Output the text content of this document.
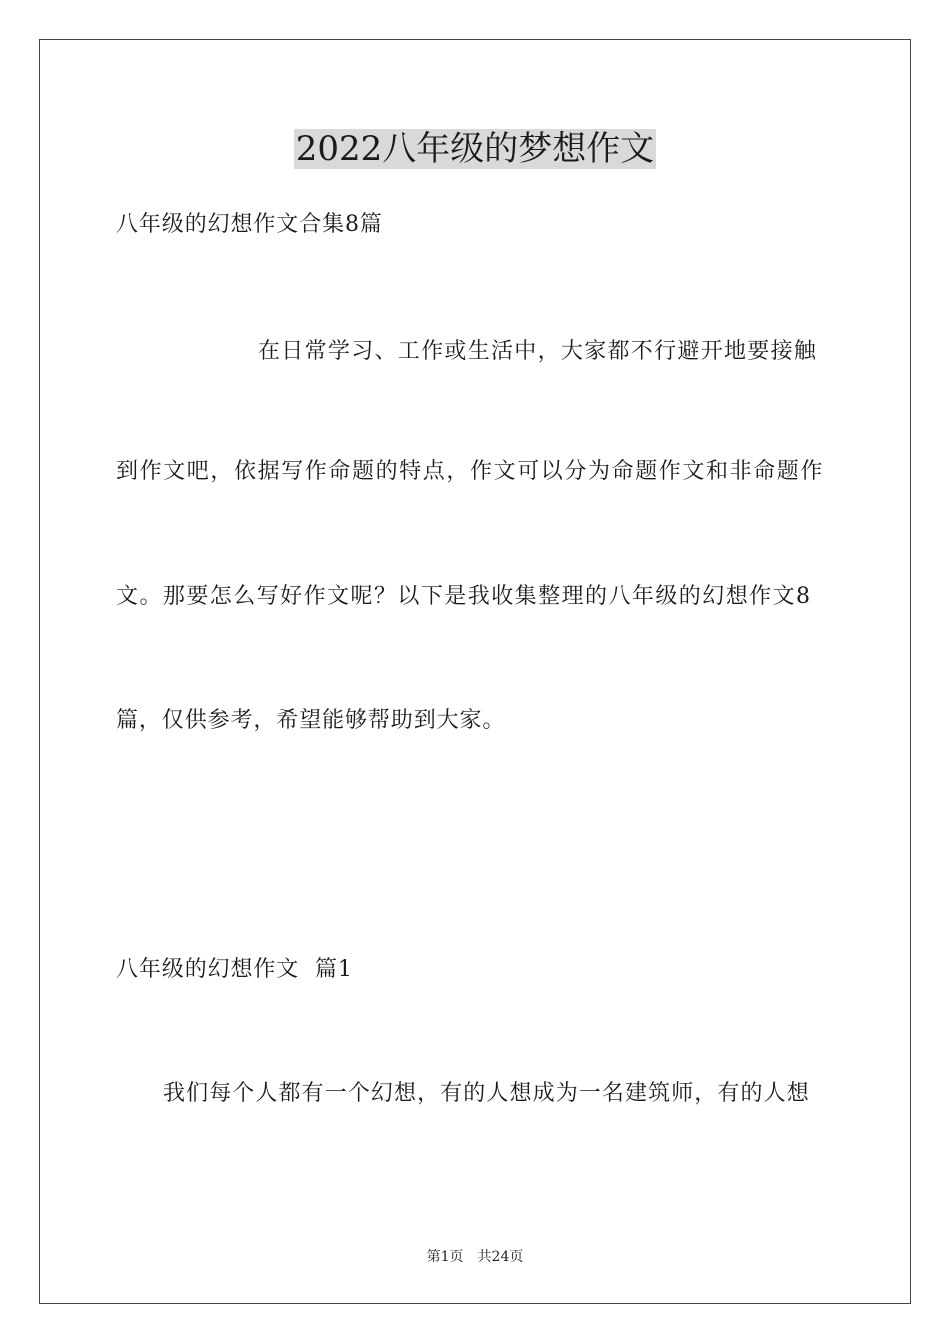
2022八年级的梦想作文
八年级的幻想作文合集8篇
在日常学习、工作或生活中，大家都不行避开地要接触
到作文吧，依据写作命题的特点，作文可以分为命题作文和非命题作
文。那要怎么写好作文呢？以下是我收集整理的八年级的幻想作文8
篇，仅供参考，希望能够帮助到大家。
八年级的幻想作文  篇1
我们每个人都有一个幻想，有的人想成为一名建筑师，有的人想
第1页 共24页
